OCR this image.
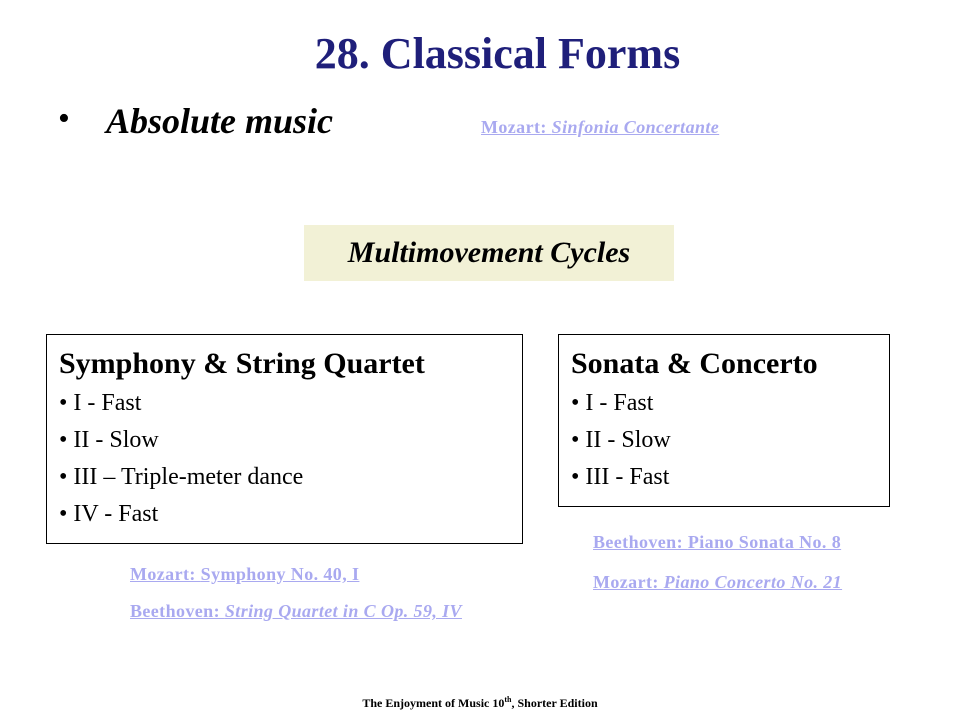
28. Classical Forms
• Absolute music	Mozart: Sinfonia Concertante
Multimovement Cycles
Symphony & String Quartet
• I - Fast
• II - Slow
• III – Triple-meter dance
• IV - Fast
Sonata & Concerto
• I - Fast
• II - Slow
• III - Fast
Mozart: Symphony No. 40, I
Beethoven: String Quartet in C Op. 59, IV
Beethoven: Piano Sonata No. 8
Mozart: Piano Concerto No. 21
The Enjoyment of Music 10th, Shorter Edition
